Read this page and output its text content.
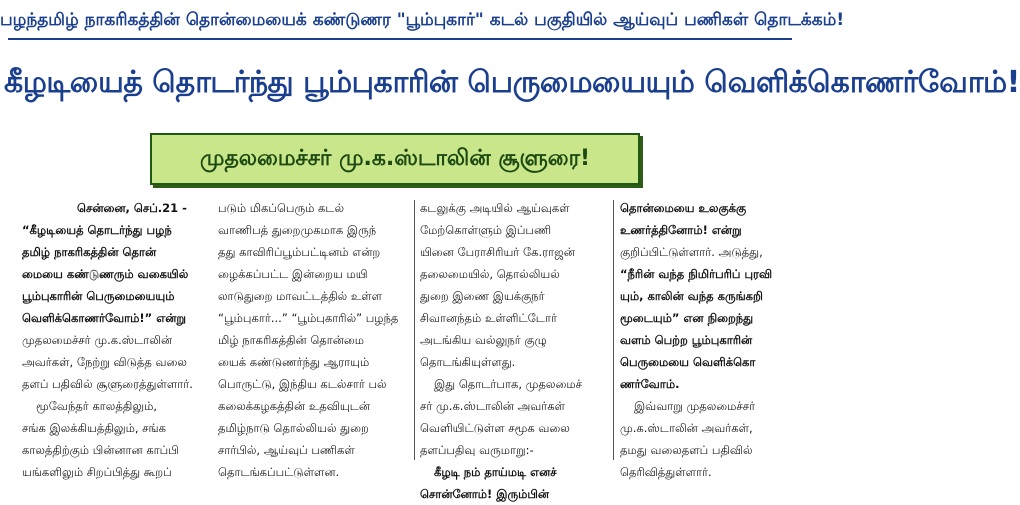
பழந்தமிழ் நாகரிகத்தின் தொன்மையைக் கண்டுணர "பூம்புகார்" கடல் பகுதியில் ஆய்வுப் பணிகள் தொடக்கம்!
கீழடியைத் தொடர்ந்து பூம்புகாரின் பெருமையையும் வெளிக்கொணர்வோம்!
முதலமைச்சர் மு.க.ஸ்டாலின் சூளுரை!

சென்னை, செப்.21 -

“கீழடியைத் தொடர்ந்து பழந்

தமிழ் நாகரிகத்தின் தொன்

மையை கண்டுணரும் வகையில்

பூம்புகாரின் பெருமையையும்

வெளிக்கொணர்வோம்!” என்று

முதலமைச்சர் மு.க.ஸ்டாலின்

அவர்கள், நேற்று விடுத்த வலை

தளப் பதிவில் சூளுரைத்துள்ளார்.

மூவேந்தர் காலத்திலும்,

சங்க இலக்கியத்திலும், சங்க

காலத்திற்கும் பின்னான காப்பி

யங்களிலும் சிறப்பித்து கூறப்

படும் மிகப்பெரும் கடல்

வாணிபத் துறைமுகமாக இருந்

தது காவிரிப்பூம்பட்டினம் என்ற

ழைக்கப்பட்ட இன்றைய மயி

லாடுதுறை மாவட்டத்தில் உள்ள

“பூம்புகார்...” “பூம்புகாரில்” பழந்த

மிழ் நாகரிகத்தின் தொன்மை

யைக் கண்டுணர்ந்து ஆராயும்

பொருட்டு, இந்திய கடல்சார் பல்

கலைக்கழகத்தின் உதவியுடன்

தமிழ்நாடு தொல்லியல் துறை

சார்பில், ஆய்வுப் பணிகள்

தொடங்கப்பட்டுள்ளன.

கடலுக்கு அடியில் ஆய்வுகள்

மேற்கொள்ளும் இப்பணி

யினை பேராசிரியர் கே.ராஜன்

தலைமையில், தொல்லியல்

துறை இணை இயக்குநர்

சிவானந்தம் உள்ளிட்டோர்

அடங்கிய வல்லுநர் குழு

தொடங்கியுள்ளது.

இது தொடர்பாக, முதலமைச்

சர் மு.க.ஸ்டாலின் அவர்கள்

வெளியிட்டுள்ள சமூக வலை

தளப்பதிவு வருமாறு:-

கீழடி நம் தாய்மடி எனச்

சொன்னோம்! இரும்பின்

தொன்மையை உலகுக்கு

உணர்த்தினோம்! என்று

குறிப்பிட்டுள்ளார். அடுத்து,

“நீரின் வந்த நிமிர்பரிப் புரவி

யும், காலின் வந்த கருங்கறி

மூடையும்” என நிறைந்து

வளம் பெற்ற பூம்புகாரின்

பெருமையை வெளிக்கொ

ணர்வோம்.

இவ்வாறு முதலமைச்சர்

மு.க.ஸ்டாலின் அவர்கள்,

தமது வலைதளப் பதிவில்

தெரிவித்துள்ளார்.
